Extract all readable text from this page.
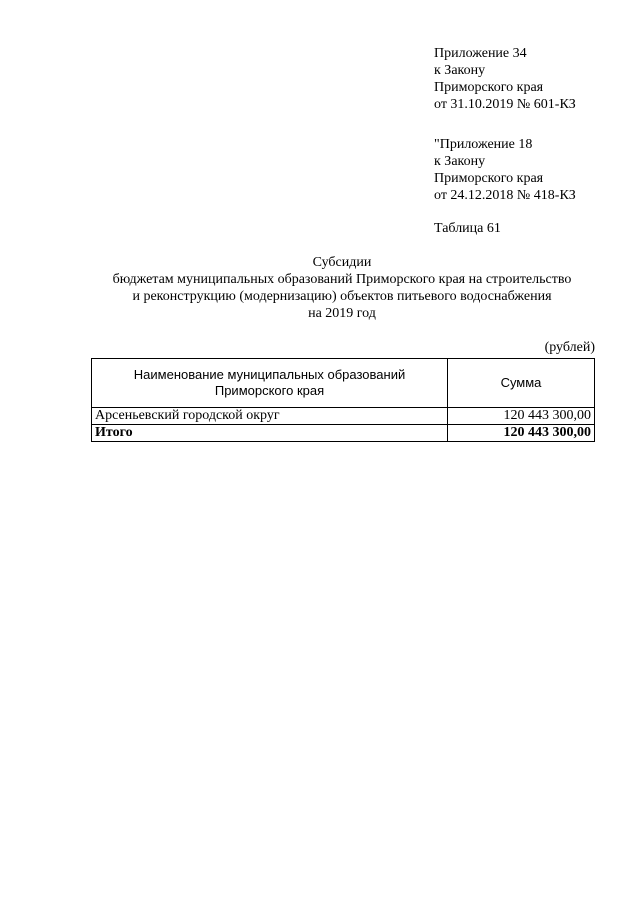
Приложение 34
к Закону
Приморского края
от 31.10.2019 № 601-КЗ
"Приложение 18
к Закону
Приморского края
от 24.12.2018 № 418-КЗ
Таблица 61
Субсидии
бюджетам муниципальных образований Приморского края на строительство
и реконструкцию (модернизацию) объектов питьевого водоснабжения
на 2019 год
(рублей)
Наименование муниципальных образований
Приморского края	Сумма
Арсеньевский городской округ	120 443 300,00
Итого	120 443 300,00
